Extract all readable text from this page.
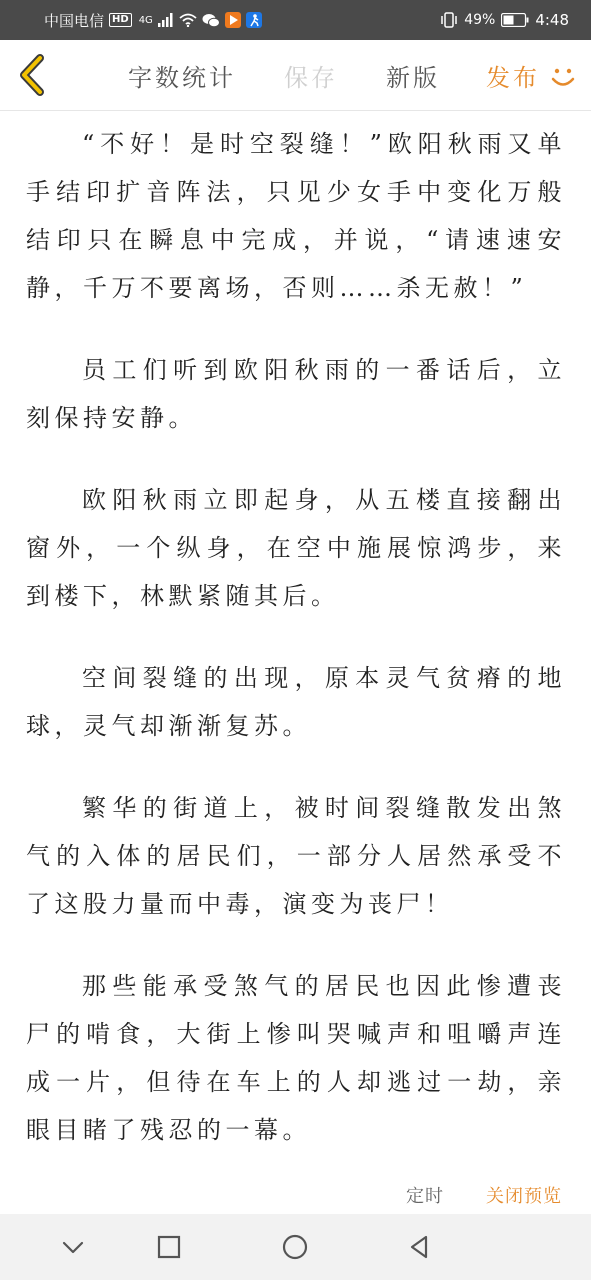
中国电信 HD	4G	49%	4:48
字数统计 保存 新版 发布

“不好！是时空裂缝！”欧阳秋雨又单手结印扩音阵法，只见少女手中变化万般结印只在瞬息中完成，并说，“请速速安静，千万不要离场，否则……杀无赦！”

员工们听到欧阳秋雨的一番话后，立刻保持安静。

欧阳秋雨立即起身，从五楼直接翻出窗外，一个纵身，在空中施展惊鸿步，来到楼下，林默紧随其后。

空间裂缝的出现，原本灵气贫瘠的地球，灵气却渐渐复苏。

繁华的街道上，被时间裂缝散发出煞气的入体的居民们，一部分人居然承受不了这股力量而中毒，演变为丧尸！

那些能承受煞气的居民也因此惨遭丧尸的啃食，大街上惨叫哭喊声和咀嚼声连成一片，但待在车上的人却逃过一劫，亲眼目睹了残忍的一幕。

定时 关闭预览
